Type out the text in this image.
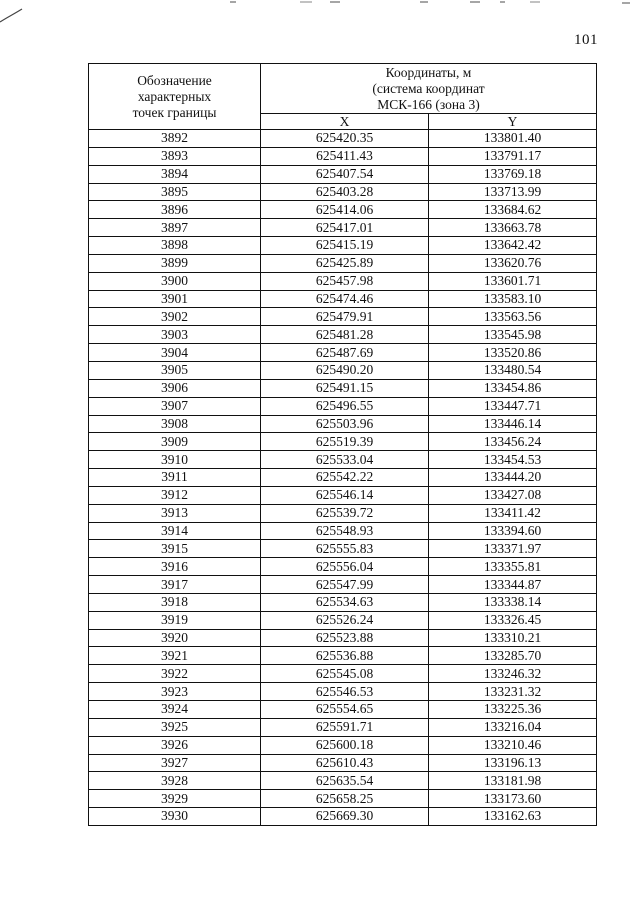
101
Обозначение
характерных
точек границы	Координаты, м
(система координат
МСК-166 (зона 3)	

	X	Y
3892	625420.35	133801.40
3893	625411.43	133791.17
3894	625407.54	133769.18
3895	625403.28	133713.99
3896	625414.06	133684.62
3897	625417.01	133663.78
3898	625415.19	133642.42
3899	625425.89	133620.76
3900	625457.98	133601.71
3901	625474.46	133583.10
3902	625479.91	133563.56
3903	625481.28	133545.98
3904	625487.69	133520.86
3905	625490.20	133480.54
3906	625491.15	133454.86
3907	625496.55	133447.71
3908	625503.96	133446.14
3909	625519.39	133456.24
3910	625533.04	133454.53
3911	625542.22	133444.20
3912	625546.14	133427.08
3913	625539.72	133411.42
3914	625548.93	133394.60
3915	625555.83	133371.97
3916	625556.04	133355.81
3917	625547.99	133344.87
3918	625534.63	133338.14
3919	625526.24	133326.45
3920	625523.88	133310.21
3921	625536.88	133285.70
3922	625545.08	133246.32
3923	625546.53	133231.32
3924	625554.65	133225.36
3925	625591.71	133216.04
3926	625600.18	133210.46
3927	625610.43	133196.13
3928	625635.54	133181.98
3929	625658.25	133173.60
3930	625669.30	133162.63
